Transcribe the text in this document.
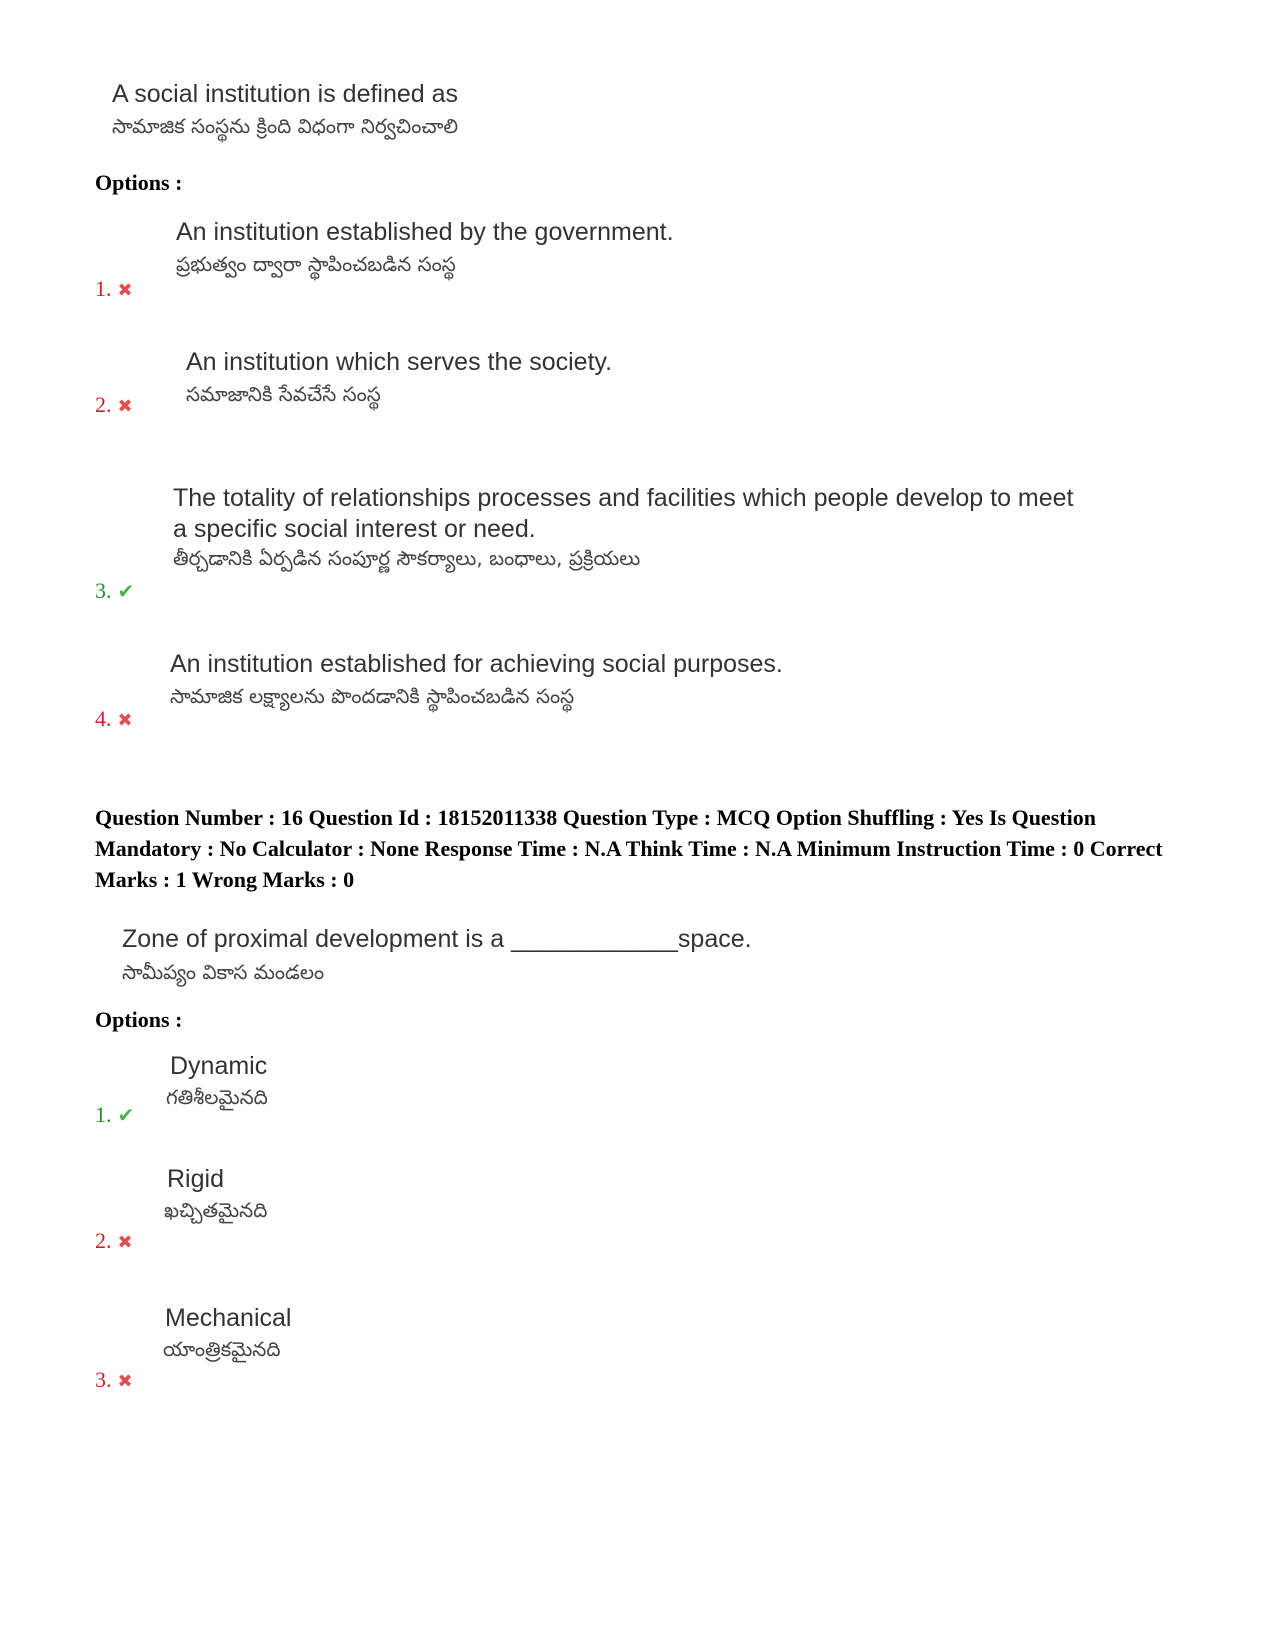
A social institution is defined as
సామాజిక సంస్థను క్రింది విధంగా నిర్వచించాలి
Options :
An institution established by the government.
ప్రభుత్వం ద్వారా స్థాపించబడిన సంస్థ
1. ✖
An institution which serves the society.
సమాజానికి సేవచేసే సంస్థ
2. ✖
The totality of relationships processes and facilities which people develop to meet a specific social interest or need.
తీర్చడానికి ఏర్పడిన సంపూర్ణ సౌకర్యాలు, బంధాలు, ప్రక్రియలు
3. ✔
An institution established for achieving social purposes.
సామాజిక లక్ష్యాలను పొందడానికి స్థాపించబడిన సంస్థ
4. ✖
Question Number : 16 Question Id : 18152011338 Question Type : MCQ Option Shuffling : Yes Is Question Mandatory : No Calculator : None Response Time : N.A Think Time : N.A Minimum Instruction Time : 0 Correct Marks : 1 Wrong Marks : 0
Zone of proximal development is a ____________space.
సామీప్యం వికాస మండలం
Options :
Dynamic
గతిశీలమైనది
1. ✔
Rigid
ఖచ్చితమైనది
2. ✖
Mechanical
యాంత్రికమైనది
3. ✖
